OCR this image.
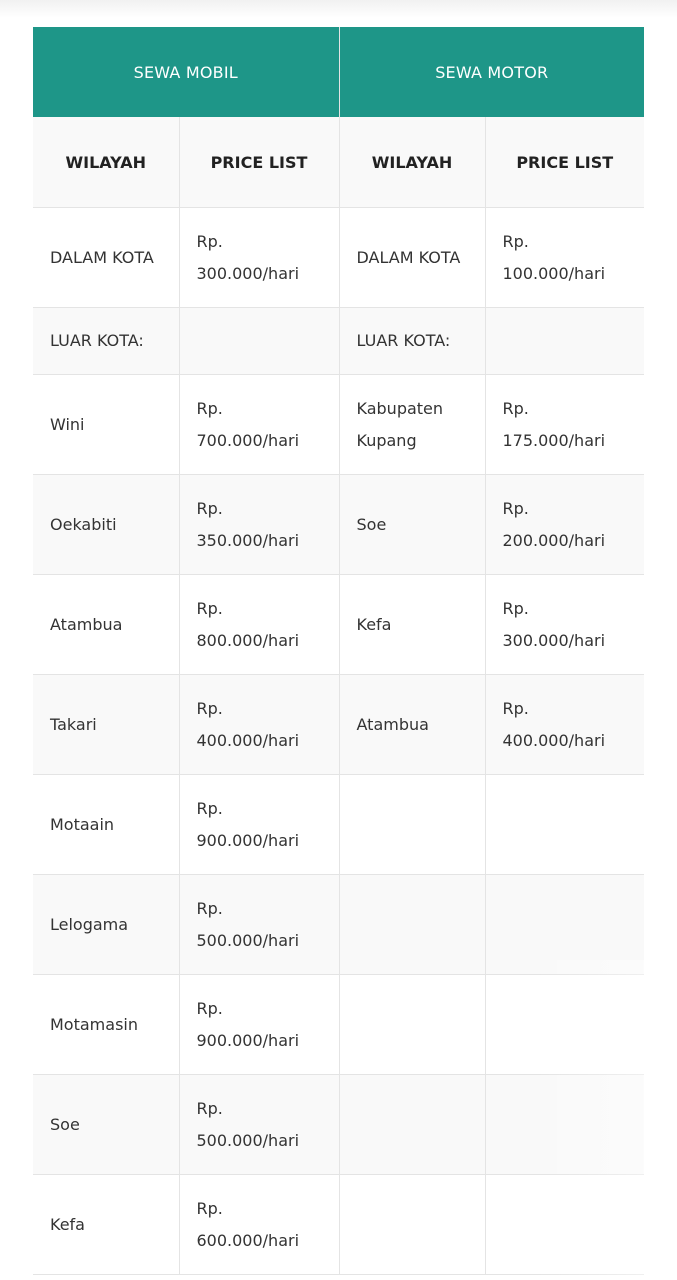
SEWA MOBIL		SEWA MOTOR	
WILAYAH	PRICE LIST	WILAYAH	PRICE LIST
DALAM KOTA	Rp. 300.000/hari	DALAM KOTA	Rp. 100.000/hari
LUAR KOTA:		LUAR KOTA:	
Wini	Rp. 700.000/hari	Kabupaten Kupang	Rp. 175.000/hari
Oekabiti	Rp. 350.000/hari	Soe	Rp. 200.000/hari
Atambua	Rp. 800.000/hari	Kefa	Rp. 300.000/hari
Takari	Rp. 400.000/hari	Atambua	Rp. 400.000/hari
Motaain	Rp. 900.000/hari		
Lelogama	Rp. 500.000/hari		
Motamasin	Rp. 900.000/hari		
Soe	Rp. 500.000/hari		
Kefa	Rp. 600.000/hari		
